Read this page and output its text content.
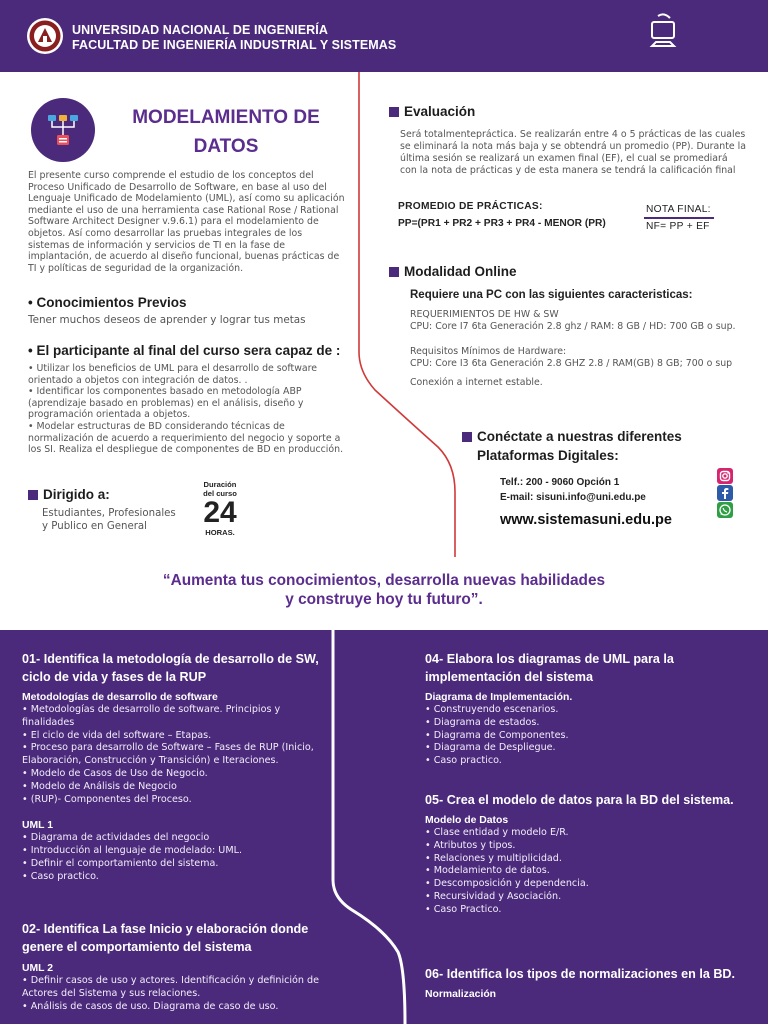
UNIVERSIDAD NACIONAL DE INGENIERÍA
FACULTAD DE INGENIERÍA INDUSTRIAL Y SISTEMAS
MODELAMIENTO DE DATOS
El presente curso comprende el estudio de los conceptos del Proceso Unificado de Desarrollo de Software, en base al uso del Lenguaje Unificado de Modelamiento (UML), así como su aplicación mediante el uso de una herramienta case Rational Rose / Rational Software Architect Designer v.9.6.1) para el modelamiento de objetos. Así como desarrollar las pruebas integrales de los sistemas de información y servicios de TI en la fase de implantación, de acuerdo al diseño funcional, buenas prácticas de TI y políticas de seguridad de la organización.
• Conocimientos Previos
Tener muchos deseos de aprender y lograr tus metas
• El participante al final del curso sera capaz de :
• Utilizar los beneficios de UML para el desarrollo de software orientado a objetos con integración de datos. .
• Identificar los componentes basado en metodología ABP (aprendizaje basado en problemas) en el análisis, diseño y programación orientada a objetos.
• Modelar estructuras de BD considerando técnicas de normalización de acuerdo a requerimiento del negocio y soporte a los SI. Realiza el despliegue de componentes de BD en producción.
Dirigido a:
Estudiantes, Profesionales
y Publico en General
Duración
del curso
24
HORAS.
Evaluación
Será totalmentepráctica. Se realizarán entre 4 o 5 prácticas de las cuales se eliminará la nota más baja y se obtendrá un promedio (PP). Durante la última sesión se realizará un examen final (EF), el cual se promediará con la nota de prácticas y de esta manera se tendrá la calificación final
PROMEDIO DE PRÁCTICAS:
PP=(PR1 + PR2 + PR3 + PR4 - MENOR (PR)
NOTA FINAL:
NF= PP + EF
Modalidad Online
Requiere una PC con las siguientes caracteristicas:
REQUERIMIENTOS DE HW & SW
CPU: Core I7 6ta Generación 2.8 ghz / RAM: 8 GB / HD: 700 GB o sup.
Requisitos Mínimos de Hardware:
CPU: Core I3 6ta Generación 2.8 GHZ 2.8 / RAM(GB) 8 GB; 700 o sup
Conexión a internet estable.
Conéctate a nuestras diferentes
Plataformas Digitales:
Telf.: 200 - 9060 Opción 1
E-mail: sisuni.info@uni.edu.pe
www.sistemasuni.edu.pe
“Aumenta tus conocimientos, desarrolla nuevas habilidades
y construye hoy tu futuro”.
01- Identifica la metodología de desarrollo de SW, ciclo de vida y fases de la RUP
Metodologías de desarrollo de software
• Metodologías de desarrollo de software. Principios y finalidades
• El ciclo de vida del software – Etapas.
• Proceso para desarrollo de Software – Fases de RUP (Inicio, Elaboración, Construcción y Transición) e Iteraciones.
• Modelo de Casos de Uso de Negocio.
• Modelo de Análisis de Negocio
• (RUP)- Componentes del Proceso.
UML 1
• Diagrama de actividades del negocio
• Introducción al lenguaje de modelado: UML.
• Definir el comportamiento del sistema.
• Caso practico.
02- Identifica La fase Inicio y elaboración donde genere el comportamiento del sistema
UML 2
• Definir casos de uso y actores. Identificación y definición de Actores del Sistema y sus relaciones.
• Análisis de casos de uso. Diagrama de caso de uso.
04- Elabora los diagramas de UML para la implementación del sistema
Diagrama de Implementación.
• Construyendo escenarios.
• Diagrama de estados.
• Diagrama de Componentes.
• Diagrama de Despliegue.
• Caso practico.
05- Crea el modelo de datos para la BD del sistema.
Modelo de Datos
• Clase entidad y modelo E/R.
• Atributos y tipos.
• Relaciones y multiplicidad.
• Modelamiento de datos.
• Descomposición y dependencia.
• Recursividad y Asociación.
• Caso Practico.
06- Identifica los tipos de normalizaciones en la BD.
Normalización
